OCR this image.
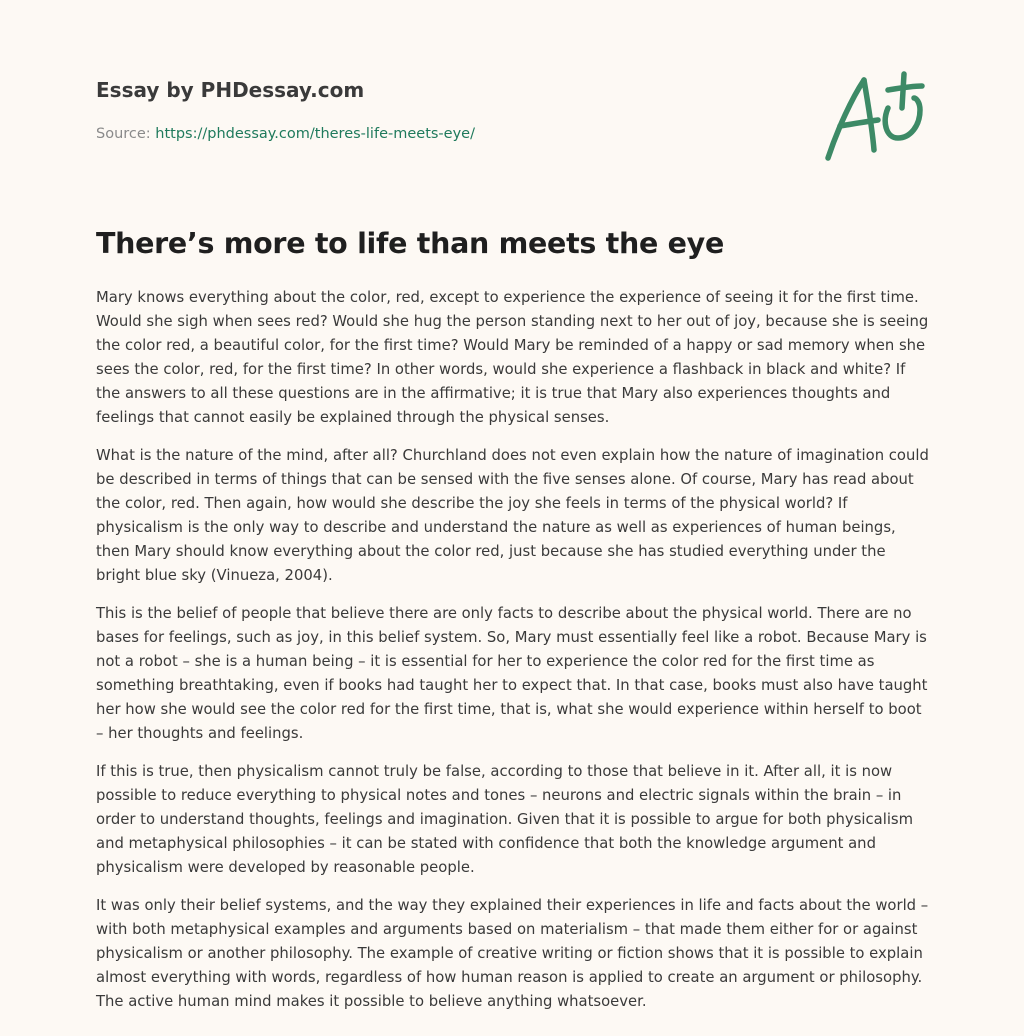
Essay by PHDessay.com
Source: https://phdessay.com/theres-life-meets-eye/
There’s more to life than meets the eye

Mary knows everything about the color, red, except to experience the experience of seeing it for the first time. Would she sigh when sees red? Would she hug the person standing next to her out of joy, because she is seeing the color red, a beautiful color, for the first time? Would Mary be reminded of a happy or sad memory when she sees the color, red, for the first time? In other words, would she experience a flashback in black and white? If the answers to all these questions are in the affirmative; it is true that Mary also experiences thoughts and feelings that cannot easily be explained through the physical senses.

What is the nature of the mind, after all? Churchland does not even explain how the nature of imagination could be described in terms of things that can be sensed with the five senses alone. Of course, Mary has read about the color, red. Then again, how would she describe the joy she feels in terms of the physical world? If physicalism is the only way to describe and understand the nature as well as experiences of human beings, then Mary should know everything about the color red, just because she has studied everything under the bright blue sky (Vinueza, 2004).

This is the belief of people that believe there are only facts to describe about the physical world. There are no bases for feelings, such as joy, in this belief system. So, Mary must essentially feel like a robot. Because Mary is not a robot – she is a human being – it is essential for her to experience the color red for the first time as something breathtaking, even if books had taught her to expect that. In that case, books must also have taught her how she would see the color red for the first time, that is, what she would experience within herself to boot – her thoughts and feelings.

If this is true, then physicalism cannot truly be false, according to those that believe in it. After all, it is now possible to reduce everything to physical notes and tones – neurons and electric signals within the brain – in order to understand thoughts, feelings and imagination. Given that it is possible to argue for both physicalism and metaphysical philosophies – it can be stated with confidence that both the knowledge argument and physicalism were developed by reasonable people.

It was only their belief systems, and the way they explained their experiences in life and facts about the world – with both metaphysical examples and arguments based on materialism – that made them either for or against physicalism or another philosophy. The example of creative writing or fiction shows that it is possible to explain almost everything with words, regardless of how human reason is applied to create an argument or philosophy. The active human mind makes it possible to believe anything whatsoever.
